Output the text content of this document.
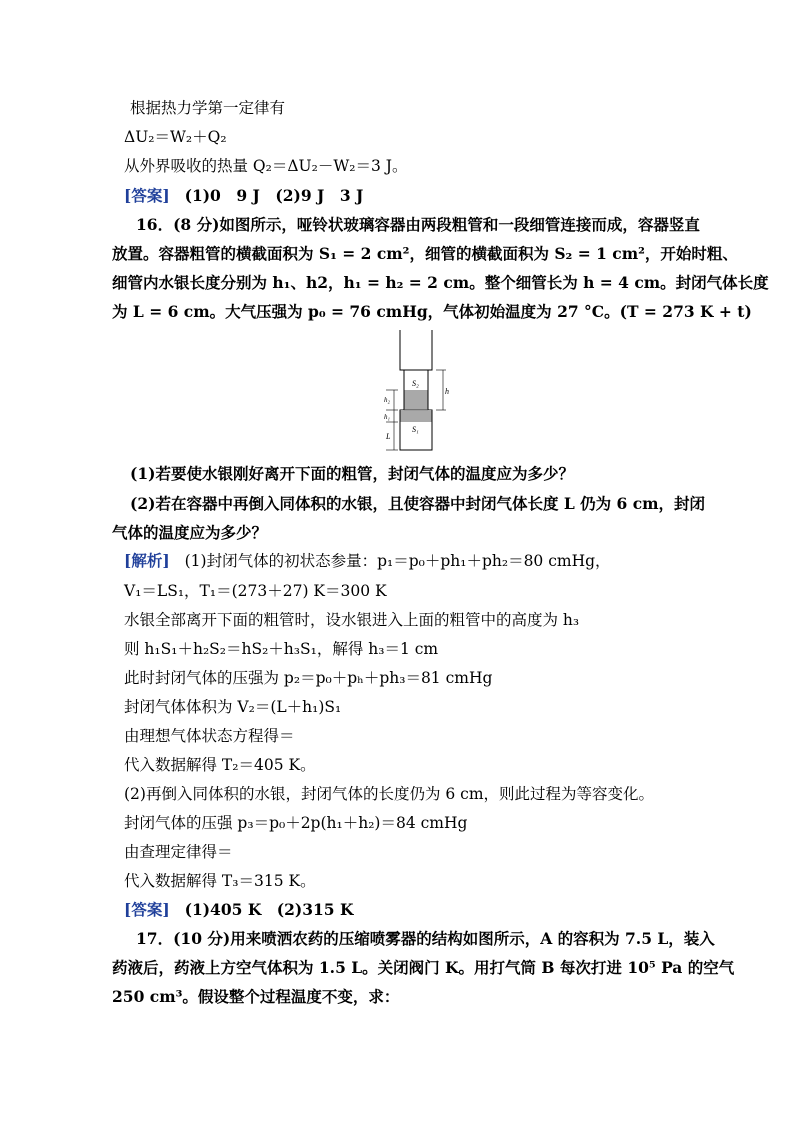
根据热力学第一定律有
ΔU₂＝W₂＋Q₂
从外界吸收的热量 Q₂＝ΔU₂－W₂＝3 J。
[答案] (1)0　9 J　(2)9 J　3 J
16．(8 分)如图所示，哑铃状玻璃容器由两段粗管和一段细管连接而成，容器竖直
放置。容器粗管的横截面积为 S₁ = 2 cm²，细管的横截面积为 S₂ = 1 cm²，开始时粗、
细管内水银长度分别为 h₁、h2，h₁ = h₂ = 2 cm。整个细管长为 h = 4 cm。封闭气体长度
为 L = 6 cm。大气压强为 p₀ = 76 cmHg，气体初始温度为 27 °C。(T = 273 K + t)
S₂
S₁
h
h₂
h₁
L
(1)若要使水银刚好离开下面的粗管，封闭气体的温度应为多少？
(2)若在容器中再倒入同体积的水银，且使容器中封闭气体长度 L 仍为 6 cm，封闭
气体的温度应为多少？
[解析] (1)封闭气体的初状态参量：p₁＝p₀＋ph₁＋ph₂＝80 cmHg，
V₁＝LS₁，T₁＝(273＋27) K＝300 K
水银全部离开下面的粗管时，设水银进入上面的粗管中的高度为 h₃
则 h₁S₁＋h₂S₂＝hS₂＋h₃S₁，解得 h₃＝1 cm
此时封闭气体的压强为 p₂＝p₀＋pₕ＋ph₃＝81 cmHg
封闭气体体积为 V₂＝(L＋h₁)S₁
由理想气体状态方程得＝
代入数据解得 T₂＝405 K。
(2)再倒入同体积的水银，封闭气体的长度仍为 6 cm，则此过程为等容变化。
封闭气体的压强 p₃＝p₀＋2p(h₁＋h₂)＝84 cmHg
由查理定律得＝
代入数据解得 T₃＝315 K。
[答案] (1)405 K　(2)315 K
17．(10 分)用来喷洒农药的压缩喷雾器的结构如图所示，A 的容积为 7.5 L，装入
药液后，药液上方空气体积为 1.5 L。关闭阀门 K。用打气筒 B 每次打进 10⁵ Pa 的空气
250 cm³。假设整个过程温度不变，求：
